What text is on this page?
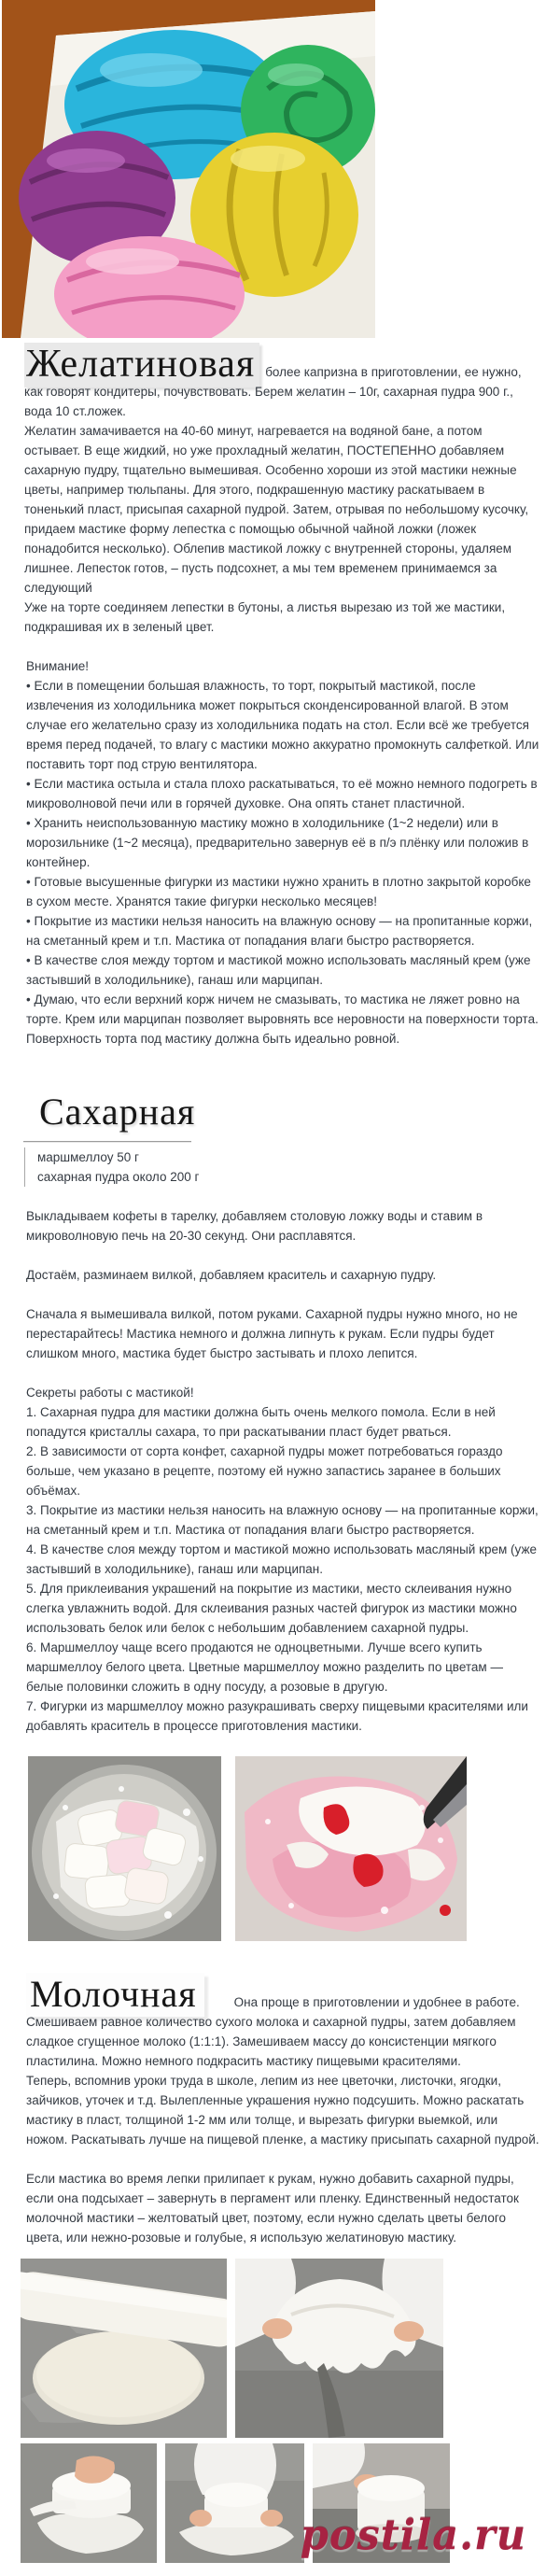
Желатиновая более капризна в приготовлении, ее нужно, как говорят кондитеры, почувствовать. Берем желатин – 10г, сахарная пудра 900 г., вода 10 ст.ложек.
Желатин замачивается на 40-60 минут, нагревается на водяной бане, а потом остывает. В еще жидкий, но уже прохладный желатин, ПОСТЕПЕННО добавляем сахарную пудру, тщательно вымешивая. Особенно хороши из этой мастики нежные цветы, например тюльпаны. Для этого, подкрашенную мастику раскатываем в тоненький пласт, присыпая сахарной пудрой. Затем, отрывая по небольшому кусочку, придаем мастике форму лепестка с помощью обычной чайной ложки (ложек понадобится несколько). Облепив мастикой ложку с внутренней стороны, удаляем лишнее. Лепесток готов, – пусть подсохнет, а мы тем временем принимаемся за следующий
Уже на торте соединяем лепестки в бутоны, а листья вырезаю из той же мастики, подкрашивая их в зеленый цвет.

Внимание!
• Если в помещении большая влажность, то торт, покрытый мастикой, после извлечения из холодильника может покрыться сконденсированной влагой. В этом случае его желательно сразу из холодильника подать на стол. Если всё же требуется время перед подачей, то влагу с мастики можно аккуратно промокнуть салфеткой. Или поставить торт под струю вентилятора.
• Если мастика остыла и стала плохо раскатываться, то её можно немного подогреть в микроволновой печи или в горячей духовке. Она опять станет пластичной.
• Хранить неиспользованную мастику можно в холодильнике (1~2 недели) или в морозильнике (1~2 месяца), предварительно завернув её в п/э плёнку или положив в контейнер.
• Готовые высушенные фигурки из мастики нужно хранить в плотно закрытой коробке в сухом месте. Хранятся такие фигурки несколько месяцев!
• Покрытие из мастики нельзя наносить на влажную основу — на пропитанные коржи, на сметанный крем и т.п. Мастика от попадания влаги быстро растворяется.
• В качестве слоя между тортом и мастикой можно использовать масляный крем (уже застывший в холодильнике), ганаш или марципан.
• Думаю, что если верхний корж ничем не смазывать, то мастика не ляжет ровно на торте. Крем или марципан позволяет выровнять все неровности на поверхности торта. Поверхность торта под мастику должна быть идеально ровной.
Сахарная
маршмеллоу 50 г
сахарная пудра около 200 г

Выкладываем кофеты в тарелку, добавляем столовую ложку воды и ставим в микроволновую печь на 20-30 секунд. Они расплавятся.

Достаём, разминаем вилкой, добавляем краситель и сахарную пудру.

Сначала я вымешивала вилкой, потом руками. Сахарной пудры нужно много, но не перестарайтесь! Мастика немного и должна липнуть к рукам. Если пудры будет слишком много, мастика будет быстро застывать и плохо лепится.

Секреты работы с мастикой!
1. Сахарная пудра для мастики должна быть очень мелкого помола. Если в ней попадутся кристаллы сахара, то при раскатывании пласт будет рваться.
2. В зависимости от сорта конфет, сахарной пудры может потребоваться гораздо больше, чем указано в рецепте, поэтому ей нужно запастись заранее в больших объёмах.
3. Покрытие из мастики нельзя наносить на влажную основу — на пропитанные коржи, на сметанный крем и т.п. Мастика от попадания влаги быстро растворяется.
4. В качестве слоя между тортом и мастикой можно использовать масляный крем (уже застывший в холодильнике), ганаш или марципан.
5. Для приклеивания украшений на покрытие из мастики, место склеивания нужно слегка увлажнить водой. Для склеивания разных частей фигурок из мастики можно использовать белок или белок с небольшим добавлением сахарной пудры.
6. Маршмеллоу чаще всего продаются не одноцветными. Лучше всего купить маршмеллоу белого цвета. Цветные маршмеллоу можно разделить по цветам — белые половинки сложить в одну посуду, а розовые в другую.
7. Фигурки из маршмеллоу можно разукрашивать сверху пищевыми красителями или добавлять краситель в процессе приготовления мастики.

Молочная	Она проще в приготовлении и удобнее в работе. Смешиваем равное количество сухого молока и сахарной пудры, затем добавляем сладкое сгущенное молоко (1:1:1). Замешиваем массу до консистенции мягкого пластилина. Можно немного подкрасить мастику пищевыми красителями.
Теперь, вспомнив уроки труда в школе, лепим из нее цветочки, листочки, ягодки, зайчиков, уточек и т.д. Вылепленные украшения нужно подсушить. Можно раскатать мастику в пласт, толщиной 1-2 мм или толще, и вырезать фигурки выемкой, или ножом. Раскатывать лучше на пищевой пленке, а мастику присыпать сахарной пудрой.

Если мастика во время лепки прилипает к рукам, нужно добавить сахарной пудры, если она подсыхает – завернуть в пергамент или пленку. Единственный недостаток молочной мастики – желтоватый цвет, поэтому, если нужно сделать цветы белого цвета, или нежно-розовые и голубые, я использую желатиновую мастику.

postila.ru
